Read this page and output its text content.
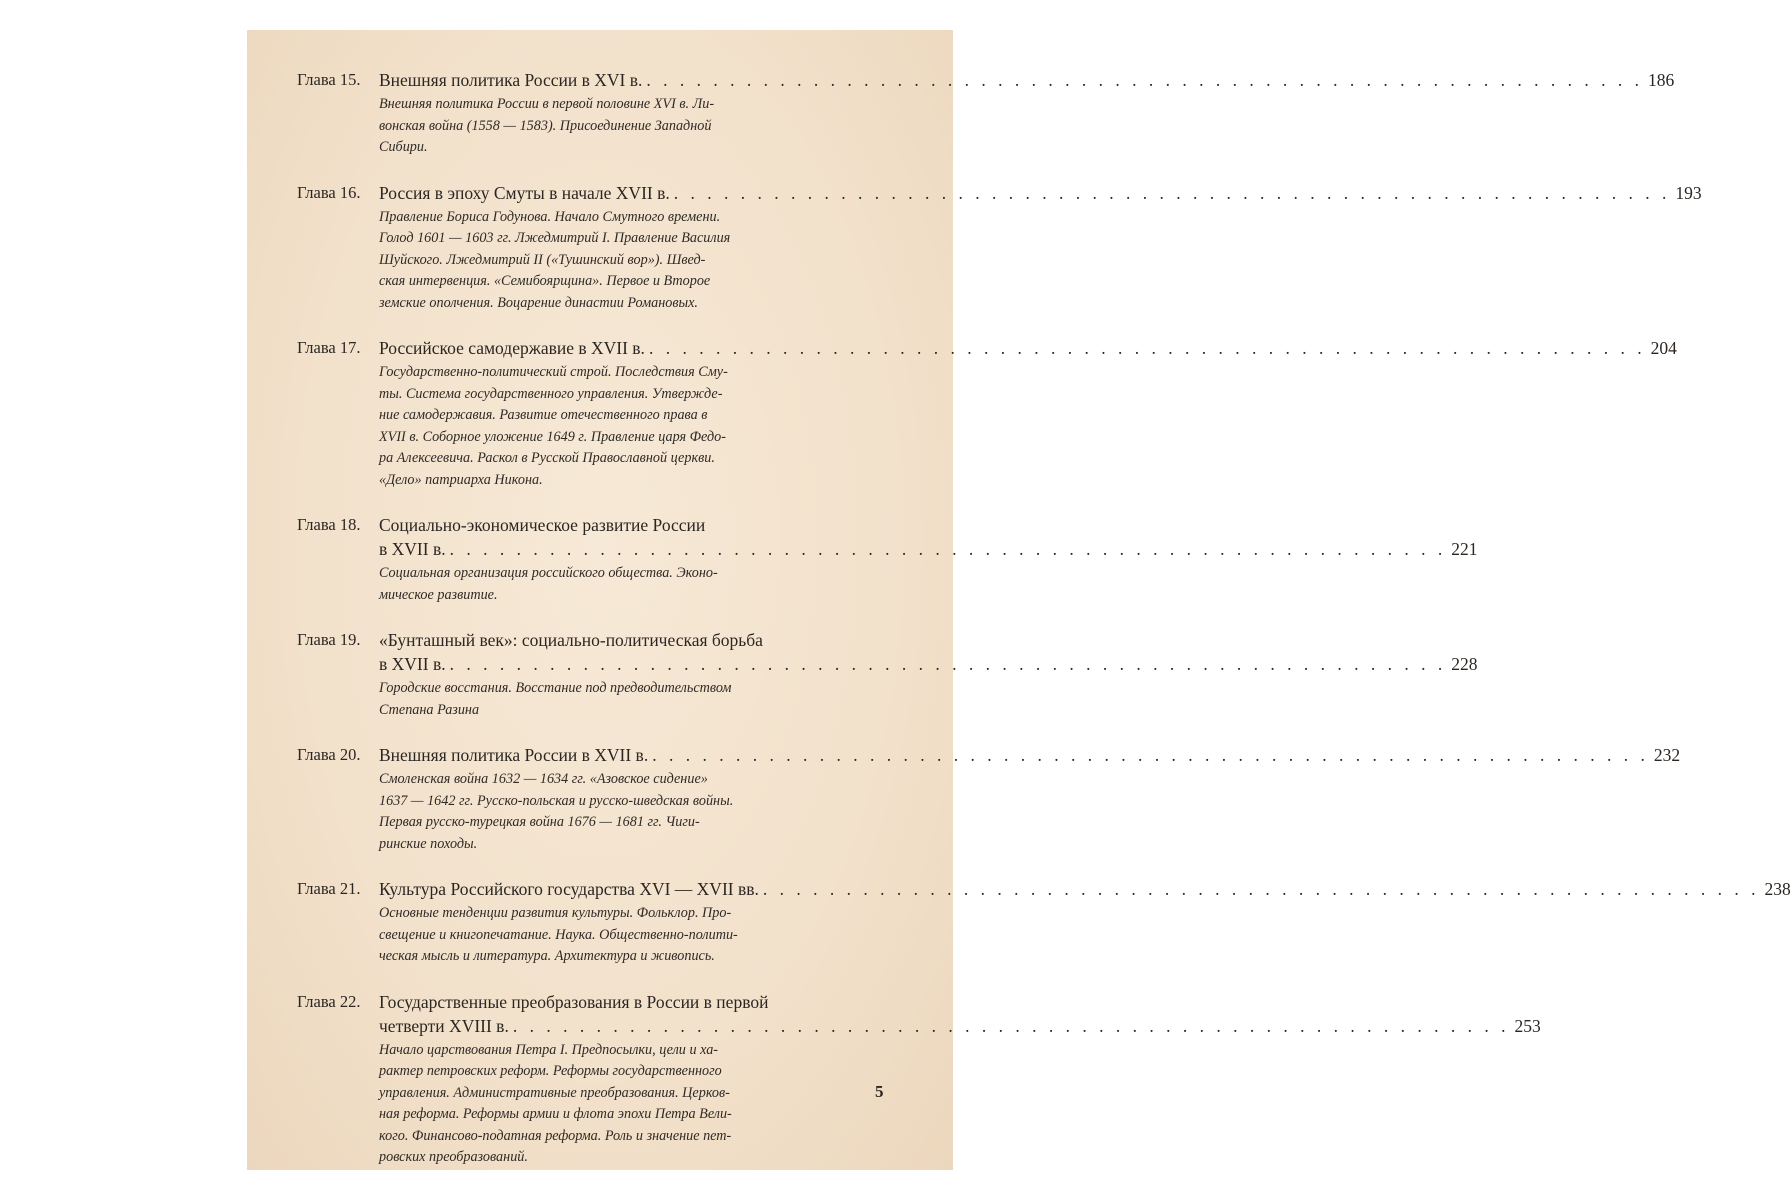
Глава 15.	Внешняя политика России в XVI в. . . . . . . . . . . . . . . . . . . . . . . . . . . . . . . . . . . . . . . . . . . . . . . . . . . . . . . . . . . . . 186
Внешняя политика России в первой половине XVI в. Ли-
вонская война (1558 — 1583). Присоединение Западной
Сибири.
Глава 16.	Россия в эпоху Смуты в начале XVII в. . . . . . . . . . . . . . . . . . . . . . . . . . . . . . . . . . . . . . . . . . . . . . . . . . . . . . . . . . . . . 193
Правление Бориса Годунова. Начало Смутного времени.
Голод 1601 — 1603 гг. Лжедмитрий I. Правление Василия
Шуйского. Лжедмитрий II («Тушинский вор»). Швед-
ская интервенция. «Семибоярщина». Первое и Второе
земские ополчения. Воцарение династии Романовых.
Глава 17.	Российское самодержавие в XVII в. . . . . . . . . . . . . . . . . . . . . . . . . . . . . . . . . . . . . . . . . . . . . . . . . . . . . . . . . . . . . 204
Государственно-политический строй. Последствия Сму-
ты. Система государственного управления. Утвержде-
ние самодержавия. Развитие отечественного права в
XVII в. Соборное уложение 1649 г. Правление царя Федо-
ра Алексеевича. Раскол в Русской Православной церкви.
«Дело» патриарха Никона.
Глава 18.	Социально-экономическое развитие России
в XVII в. . . . . . . . . . . . . . . . . . . . . . . . . . . . . . . . . . . . . . . . . . . . . . . . . . . . . . . . . . . . . 221
Социальная организация российского общества. Эконо-
мическое развитие.
Глава 19.	«Бунташный век»: социально-политическая борьба
в XVII в. . . . . . . . . . . . . . . . . . . . . . . . . . . . . . . . . . . . . . . . . . . . . . . . . . . . . . . . . . . . . 228
Городские восстания. Восстание под предводительством
Степана Разина
Глава 20.	Внешняя политика России в XVII в. . . . . . . . . . . . . . . . . . . . . . . . . . . . . . . . . . . . . . . . . . . . . . . . . . . . . . . . . . . . . 232
Смоленская война 1632 — 1634 гг. «Азовское сидение»
1637 — 1642 гг. Русско-польская и русско-шведская войны.
Первая русско-турецкая война 1676 — 1681 гг. Чиги-
ринские походы.
Глава 21.	Культура Российского государства XVI — XVII вв. . . . . . . . . . . . . . . . . . . . . . . . . . . . . . . . . . . . . . . . . . . . . . . . . . . . . . . . . . . . . 238
Основные тенденции развития культуры. Фольклор. Про-
свещение и книгопечатание. Наука. Общественно-полити-
ческая мысль и литература. Архитектура и живопись.
Глава 22.	Государственные преобразования в России в первой
четверти XVIII в. . . . . . . . . . . . . . . . . . . . . . . . . . . . . . . . . . . . . . . . . . . . . . . . . . . . . . . . . . . . . 253
Начало царствования Петра I. Предпосылки, цели и ха-
рактер петровских реформ. Реформы государственного
управления. Административные преобразования. Церков-
ная реформа. Реформы армии и флота эпохи Петра Вели-
кого. Финансово-податная реформа. Роль и значение пет-
ровских преобразований.
5
